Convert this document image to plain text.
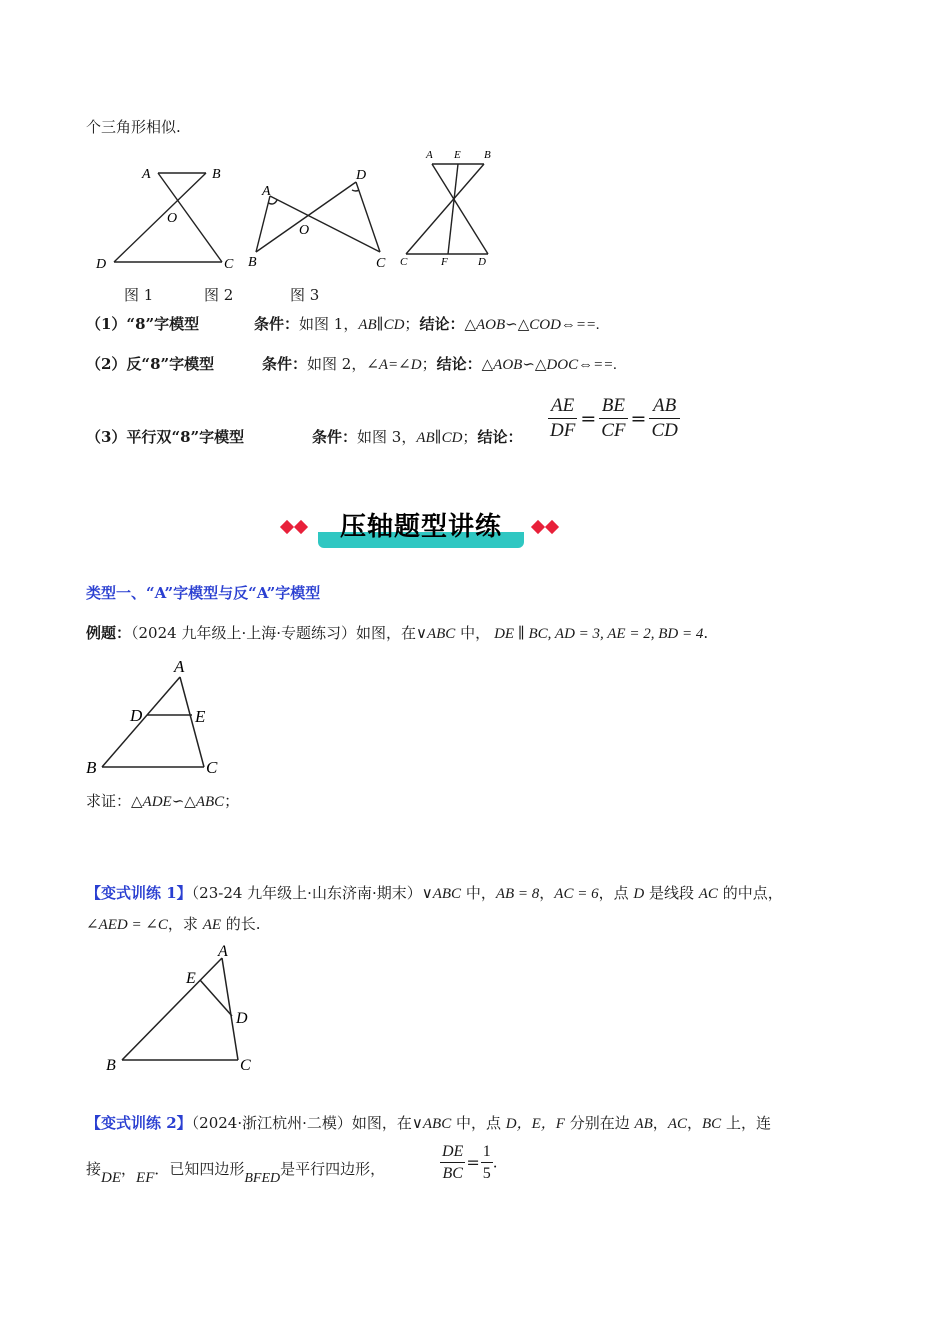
个三角形相似.
A	B
O
D	C
A
D
O
B	C
A E B
C	F	D
图 1	图 2	图 3
（1）“8”字模型	条件：如图 1，AB∥CD；结论：△AOB∽△COD⇔==.
（2）反“8”字模型	条件：如图 2，∠A=∠D；结论：△AOB∽△DOC⇔==.
（3）平行双“8”字模型	条件：如图 3，AB∥CD；结论： $\frac{AE}{DF} = \frac{BE}{CF} = \frac{AB}{CD}$
压轴题型讲练
类型一、“A”字模型与反“A”字模型
例题：（2024 九年级上·上海·专题练习）如图，在∨ABC 中， DE ∥ BC, AD = 3, AE = 2, BD = 4.
A
D	E
B	C
求证：△ADE∽△ABC；
【变式训练 1】（23-24 九年级上·山东济南·期末）∨ABC 中，AB = 8，AC = 6，点 D 是线段 AC 的中点，
∠AED = ∠C，求 AE 的长.
A
E
D
B	C
【变式训练 2】（2024·浙江杭州·二模）如图，在∨ABC 中，点 D，E，F 分别在边 AB，AC，BC 上，连
接DE，EF．已知四边形BFED是平行四边形，	$\frac{DE}{BC} = \frac{1}{5}$ .
